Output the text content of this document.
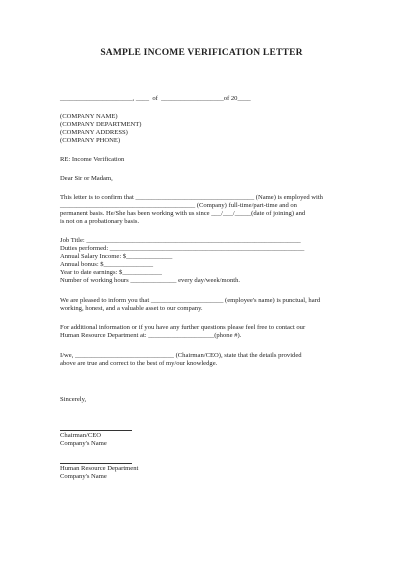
SAMPLE INCOME VERIFICATION LETTER
______________________, ____  of  ___________________of 20____
(COMPANY NAME)
(COMPANY DEPARTMENT)
(COMPANY ADDRESS)
(COMPANY PHONE)
RE: Income Verification
Dear Sir or Madam,
This letter is to confirm that ____________________________________ (Name) is employed with
_________________________________________ (Company) full-time/part-time and on
permanent basis. He/She has been working with us since ___/___/_____(date of joining) and
is not on a probationary basis.
Job Title: _________________________________________________________________
Duties performed: ___________________________________________________________
Annual Salary Income: $______________
Annual bonus: $_______________
Year to date earnings: $____________
Number of working hours ______________ every day/week/month.
We are pleased to inform you that ______________________ (employee's name) is punctual, hard
working, honest, and a valuable asset to our company.
For additional information or if you have any further questions please feel free to contact our
Human Resource Department at: ____________________(phone #).
I/we, ______________________________ (Chairman/CEO), state that the details provided
above are true and correct to the best of my/our knowledge.
Sincerely,
Chairman/CEO
Company's Name
Human Resource Department
Company's Name
